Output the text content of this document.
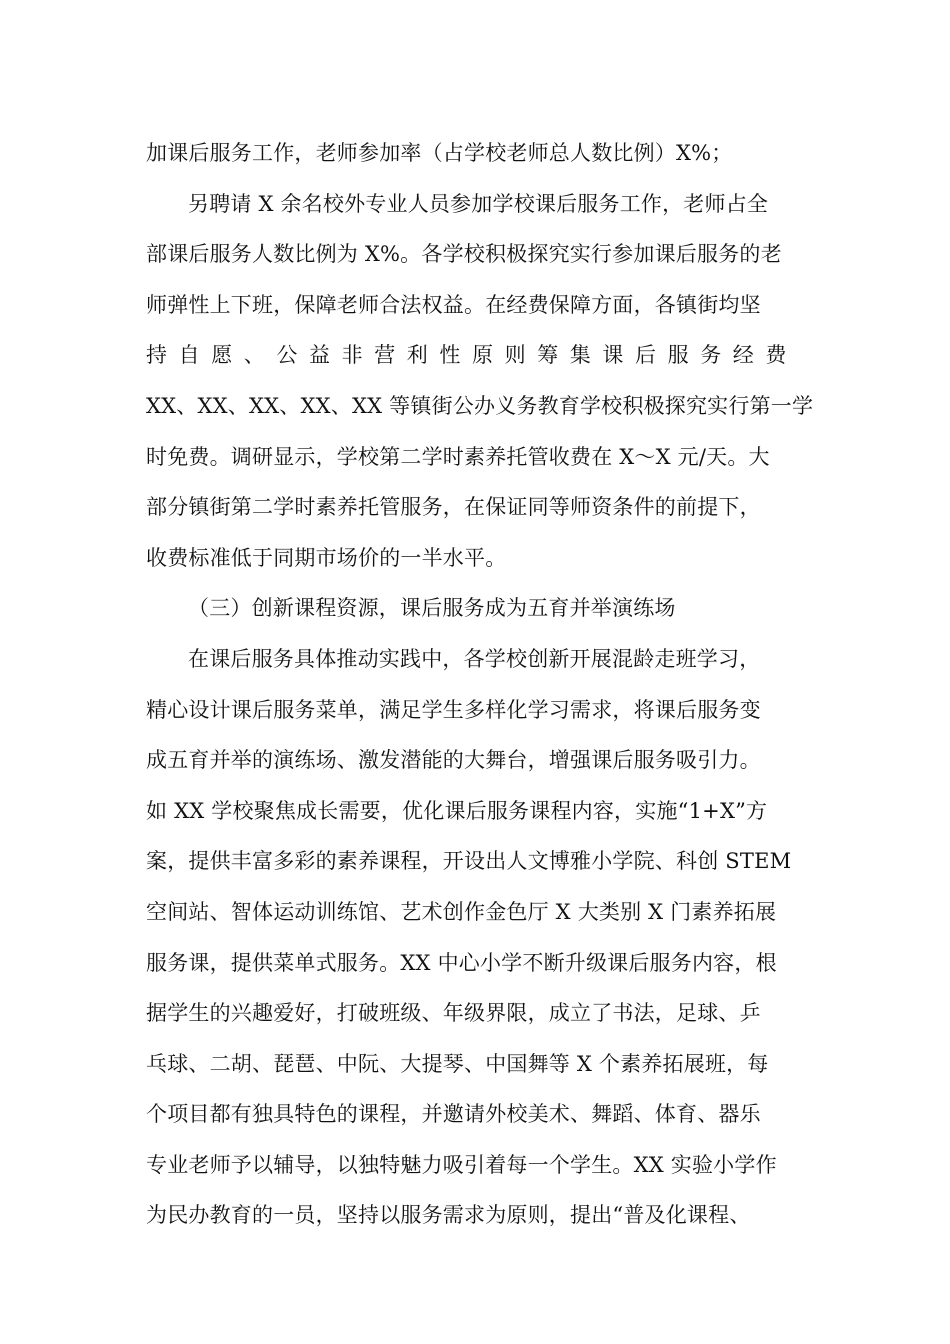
加课后服务工作，老师参加率（占学校老师总人数比例）X%；
另聘请 X 余名校外专业人员参加学校课后服务工作，老师占全
部课后服务人数比例为 X%。各学校积极探究实行参加课后服务的老
师弹性上下班，保障老师合法权益。在经费保障方面，各镇街均坚
持自愿、公益非营利性原则筹集课后服务经费
XX、XX、XX、XX、XX 等镇街公办义务教育学校积极探究实行第一学
时免费。调研显示，学校第二学时素养托管收费在 X～X 元/天。大
部分镇街第二学时素养托管服务，在保证同等师资条件的前提下，
收费标准低于同期市场价的一半水平。
（三）创新课程资源，课后服务成为五育并举演练场
在课后服务具体推动实践中，各学校创新开展混龄走班学习，
精心设计课后服务菜单，满足学生多样化学习需求，将课后服务变
成五育并举的演练场、激发潜能的大舞台，增强课后服务吸引力。
如 XX 学校聚焦成长需要，优化课后服务课程内容，实施“1+X”方
案，提供丰富多彩的素养课程，开设出人文博雅小学院、科创 STEM
空间站、智体运动训练馆、艺术创作金色厅 X 大类别 X 门素养拓展
服务课，提供菜单式服务。XX 中心小学不断升级课后服务内容，根
据学生的兴趣爱好，打破班级、年级界限，成立了书法，足球、乒
乓球、二胡、琵琶、中阮、大提琴、中国舞等 X 个素养拓展班，每
个项目都有独具特色的课程，并邀请外校美术、舞蹈、体育、器乐
专业老师予以辅导，以独特魅力吸引着每一个学生。XX 实验小学作
为民办教育的一员，坚持以服务需求为原则，提出“普及化课程、
